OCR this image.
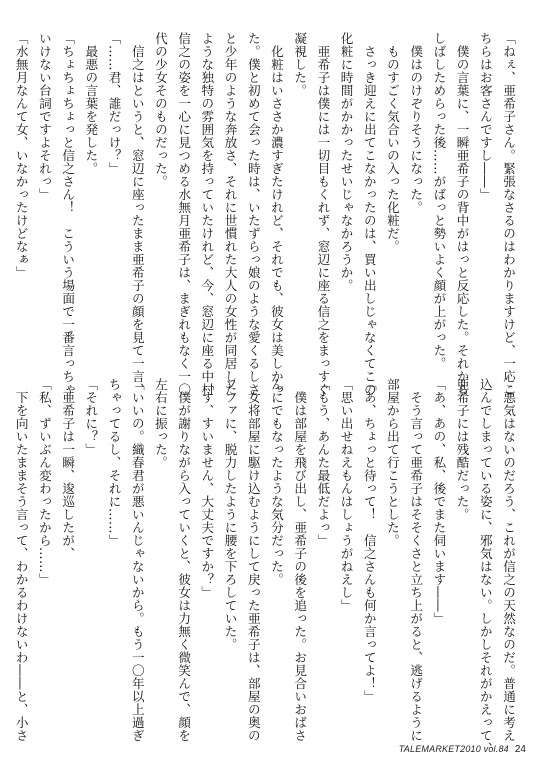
「ねぇ、亜希子さん。緊張なさるのはわかりますけど、一応こ
ちらはお客さんですし――」
　僕の言葉に、一瞬亜希子の背中がはっと反応した。それから
しばしためらった後……がばっと勢いよく顔が上がった。
　僕はのけぞりそうになった。
　ものすごく気合いの入った化粧だ。
　さっき迎えに出てこなかったのは、買い出しじゃなくてこの
化粧に時間がかかったせいじゃなかろうか。
　亜希子は僕には一切目もくれず、窓辺に座る信之をまっすぐ
凝視した。
　化粧はいささか濃すぎたけれど、それでも、彼女は美しかっ
た。僕と初めて会った時は、いたずらっ娘のような愛くるしさ
と少年のような奔放さ、それに世慣れた大人の女性が同居した
ような独特の雰囲気を持っていたけれど、今、窓辺に座る中村
信之の姿を一心に見つめる水無月亜希子は、まぎれもなく一〇
代の少女そのものだった。
　信之はというと、窓辺に座ったまま亜希子の顔を見て一言、
「……君、誰だっけ？」
　最悪の言葉を発した。
「ちょちょちょっと信之さん！　こういう場面で一番言っちゃ
いけない台詞ですよそれっ」
「水無月なんて女、いなかったけどなぁ」
　悪気はないのだろう、これが信之の天然なのだ。普通に考え
込んでしまっている姿に、邪気はない。しかしそれがかえって、
亜希子には残酷だった。
「あ、あの、私、後でまた伺います――」
　そう言って亜希子はそそくさと立ち上がると、逃げるように
部屋から出て行こうとした。
「あ、ちょっと待って！　信之さんも何か言ってよ！」
「思い出せねえもんはしょうがねえし」
「もう、あんた最低だよっ」
　僕は部屋を飛び出し、亜希子の後を追った。お見合いおばさ
んにでもなったような気分だった。
　女将部屋に駆け込むようにして戻った亜希子は、部屋の奥の
ソファに、脱力したように腰を下ろしていた。
「す、すいません、大丈夫ですか？」
　僕が謝りながら入っていくと、彼女は力無く微笑んで、顔を
左右に振った。
「いいの。織春君が悪いんじゃないから。もう一〇年以上過ぎ
ちゃってるし、それに……」
「それに？」
　亜希子は一瞬、逡巡したが、
「私、ずいぶん変わったから……」
　下を向いたままそう言って、わかるわけないわ――と、小さ
TALEMARKET2010 vol.84 24
